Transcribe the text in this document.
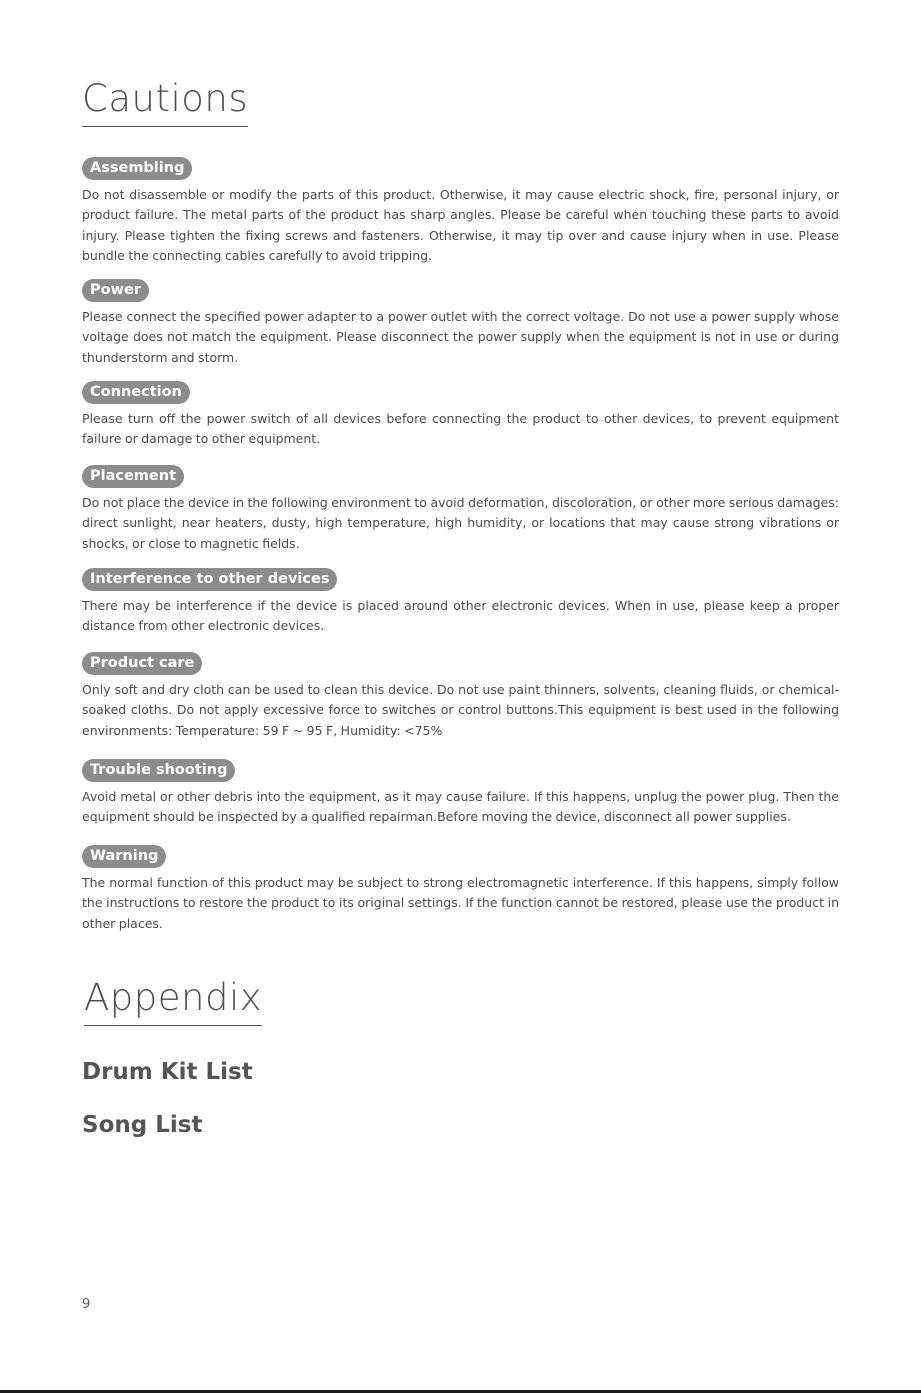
Cautions
Assembling
Do not disassemble or modify the parts of this product. Otherwise, it may cause electric shock, fire, personal injury, or product failure. The metal parts of the product has sharp angles. Please be careful when touching these parts to avoid injury. Please tighten the fixing screws and fasteners. Otherwise, it may tip over and cause injury when in use. Please bundle the connecting cables carefully to avoid tripping.
Power
Please connect the specified power adapter to a power outlet with the correct voltage. Do not use a power supply whose voltage does not match the equipment. Please disconnect the power supply when the equipment is not in use or during thunderstorm and storm.
Connection
Please turn off the power switch of all devices before connecting the product to other devices, to prevent equipment failure or damage to other equipment.
Placement
Do not place the device in the following environment to avoid deformation, discoloration, or other more serious damages: direct sunlight, near heaters, dusty, high temperature, high humidity, or locations that may cause strong vibrations or shocks, or close to magnetic fields.
Interference to other devices
There may be interference if the device is placed around other electronic devices. When in use, please keep a proper distance from other electronic devices.
Product care
Only soft and dry cloth can be used to clean this device. Do not use paint thinners, solvents, cleaning fluids, or chemical-soaked cloths. Do not apply excessive force to switches or control buttons.This equipment is best used in the following environments: Temperature: 59 F ~ 95 F, Humidity: <75%
Trouble shooting
Avoid metal or other debris into the equipment, as it may cause failure. If this happens, unplug the power plug. Then the equipment should be inspected by a qualified repairman.Before moving the device, disconnect all power supplies.
Warning
The normal function of this product may be subject to strong electromagnetic interference. If this happens, simply follow the instructions to restore the product to its original settings. If the function cannot be restored, please use the product in other places.
Appendix
Drum Kit List
Song List
9
